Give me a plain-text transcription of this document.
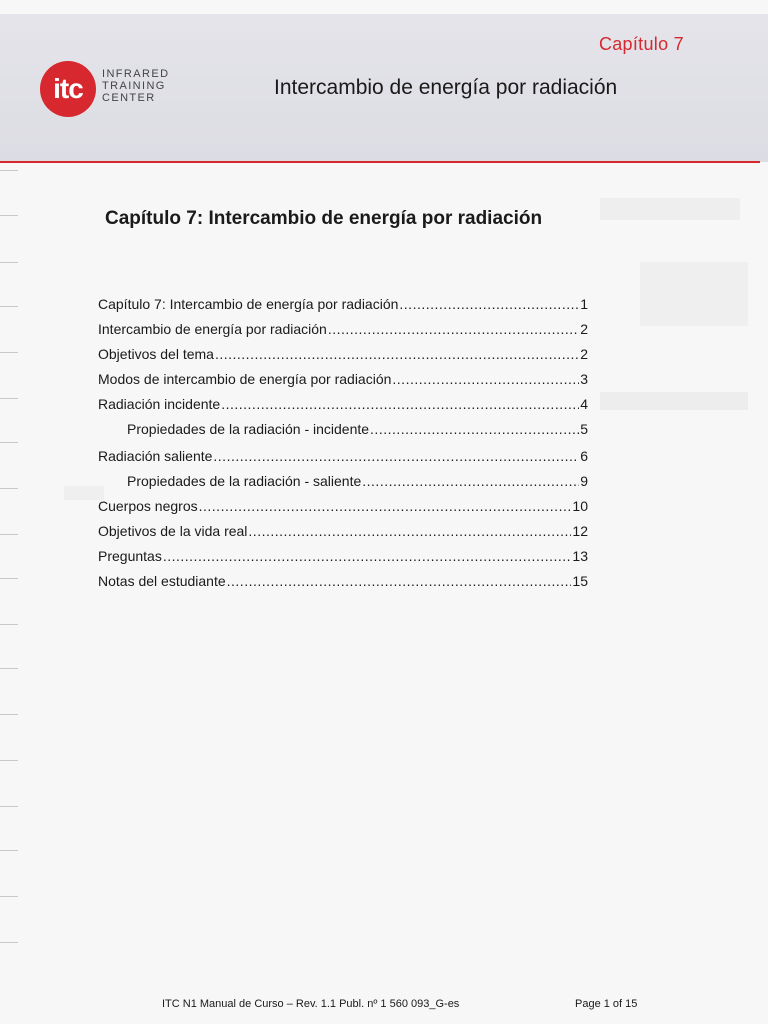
Capítulo 7
itc INFRARED
TRAINING
CENTER	Intercambio de energía por radiación
Capítulo 7: Intercambio de energía por radiación
Capítulo 7: Intercambio de energía por radiación .....	1
Intercambio de energía por radiación .....	2
Objetivos del tema .....	2
Modos de intercambio de energía por radiación .....	3
Radiación incidente .....	4
Propiedades de la radiación - incidente .....	5
Radiación saliente .....	6
Propiedades de la radiación - saliente .....	9
Cuerpos negros .....	10
Objetivos de la vida real .....	12
Preguntas .....	13
Notas del estudiante .....	15
ITC N1 Manual de Curso – Rev. 1.1 Publ. nº 1 560 093_G-es	Page 1 of 15
